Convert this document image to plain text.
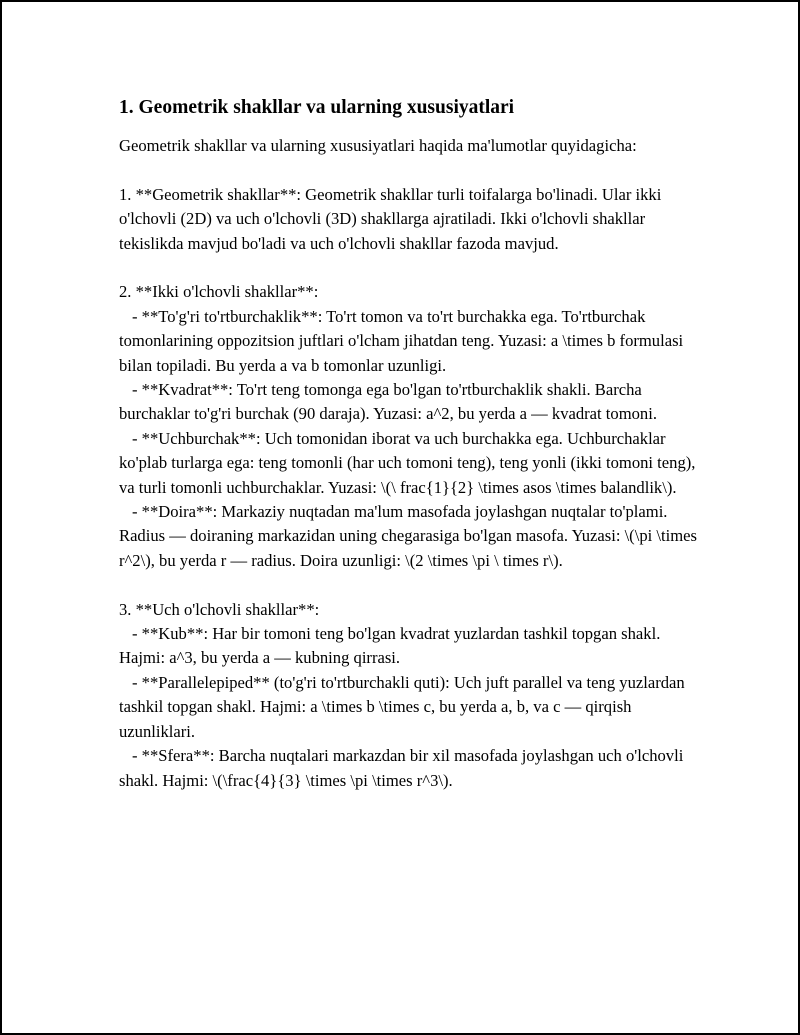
1. Geometrik shakllar va ularning xususiyatlari

Geometrik shakllar va ularning xususiyatlari haqida ma'lumotlar quyidagicha:

1. **Geometrik shakllar**: Geometrik shakllar turli toifalarga bo'linadi. Ular ikki o'lchovli (2D) va uch o'lchovli (3D) shakllarga ajratiladi. Ikki o'lchovli shakllar tekislikda mavjud bo'ladi va uch o'lchovli shakllar fazoda mavjud.

2. **Ikki o'lchovli shakllar**:

- **To'g'ri to'rtburchaklik**: To'rt tomon va to'rt burchakka ega. To'rtburchak tomonlarining oppozitsion juftlari o'lcham jihatdan teng. Yuzasi: a \times b formulasi bilan topiladi. Bu yerda a va b tomonlar uzunligi.

- **Kvadrat**: To'rt teng tomonga ega bo'lgan to'rtburchaklik shakli. Barcha burchaklar to'g'ri burchak (90 daraja). Yuzasi: a^2, bu yerda a — kvadrat tomoni.

- **Uchburchak**: Uch tomonidan iborat va uch burchakka ega. Uchburchaklar ko'plab turlarga ega: teng tomonli (har uch tomoni teng), teng yonli (ikki tomoni teng), va turli tomonli uchburchaklar. Yuzasi: \(\ frac{1}{2} \times asos \times balandlik\).

- **Doira**: Markaziy nuqtadan ma'lum masofada joylashgan nuqtalar to'plami. Radius — doiraning markazidan uning chegarasiga bo'lgan masofa. Yuzasi: \(\pi \times r^2\), bu yerda r — radius. Doira uzunligi: \(2 \times \pi \ times r\).

3. **Uch o'lchovli shakllar**:

- **Kub**: Har bir tomoni teng bo'lgan kvadrat yuzlardan tashkil topgan shakl. Hajmi: a^3, bu yerda a — kubning qirrasi.

- **Parallelepiped** (to'g'ri to'rtburchakli quti): Uch juft parallel va teng yuzlardan tashkil topgan shakl. Hajmi: a \times b \times c, bu yerda a, b, va c — qirqish uzunliklari.

- **Sfera**: Barcha nuqtalari markazdan bir xil masofada joylashgan uch o'lchovli shakl. Hajmi: \(\frac{4}{3} \times \pi \times r^3\).
